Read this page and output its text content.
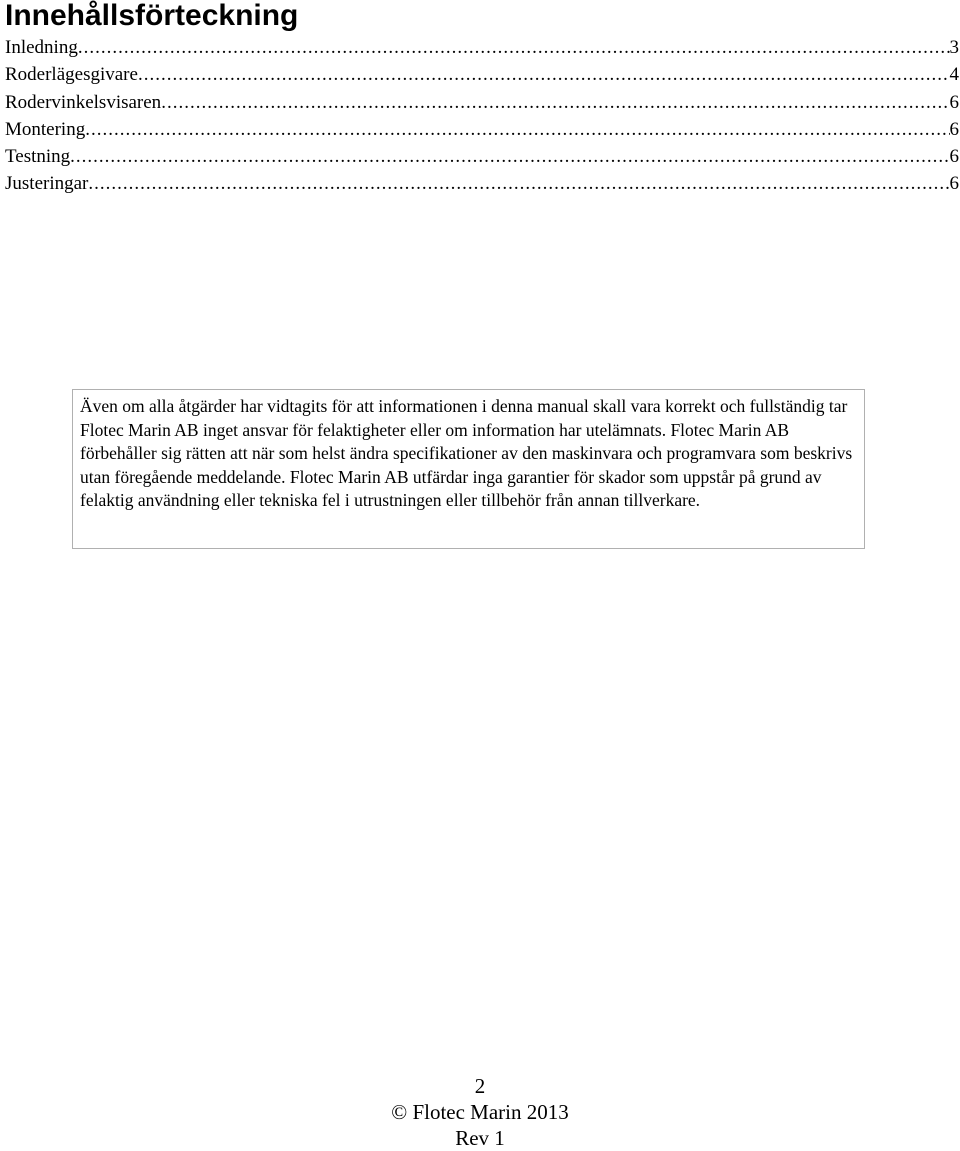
Innehållsförteckning
Inledning .....	3
Roderlägesgivare .....	4
Rodervinkelsvisaren .....	6
Montering .....	6
Testning .....	6
Justeringar .....	6

Även om alla åtgärder har vidtagits för att informationen i denna manual skall vara korrekt och fullständig tar Flotec Marin AB inget ansvar för felaktigheter eller om information har utelämnats. Flotec Marin AB förbehåller sig rätten att när som helst ändra specifikationer av den maskinvara och programvara som beskrivs utan föregående meddelande. Flotec Marin AB utfärdar inga garantier för skador som uppstår på grund av felaktig användning eller tekniska fel i utrustningen eller tillbehör från annan tillverkare.

2
© Flotec Marin 2013
Rev 1
